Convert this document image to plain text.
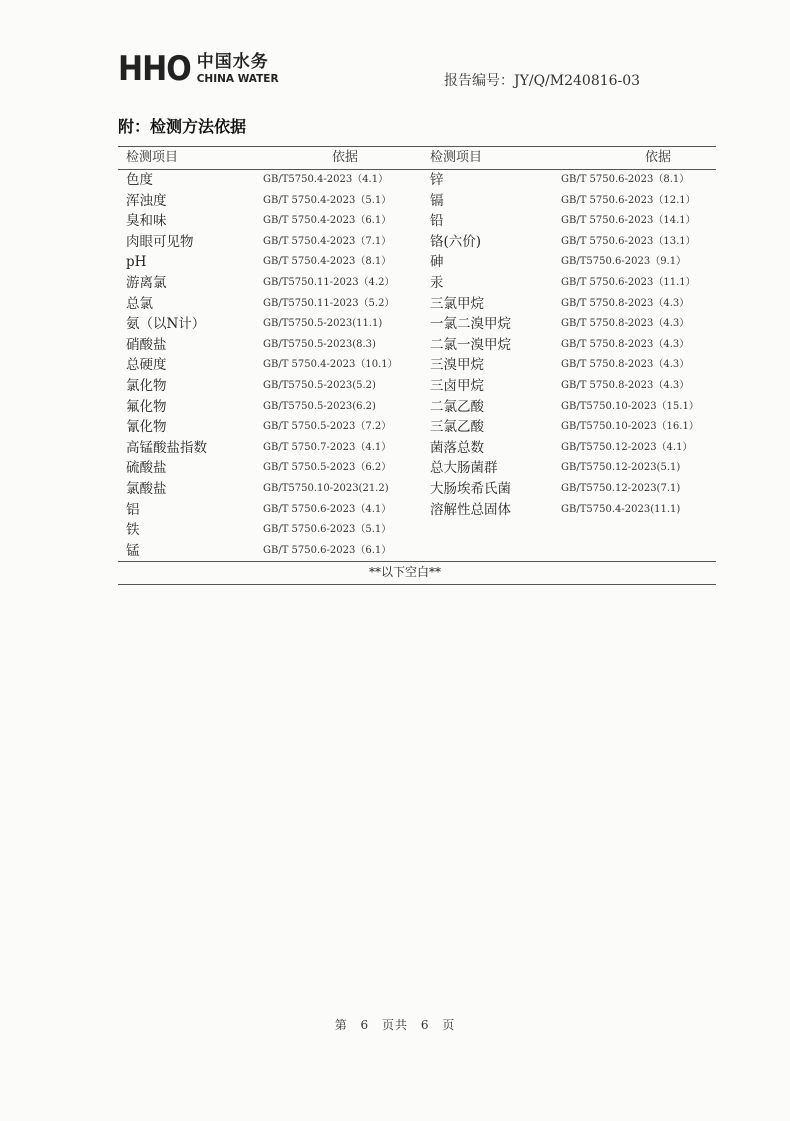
HHO 中国水务
CHINA WATER	报告编号：JY/Q/M240816-03
附：检测方法依据
检测项目	依据	检测项目	依据
色度	GB/T5750.4-2023（4.1）	锌	GB/T 5750.6-2023（8.1）
浑浊度	GB/T 5750.4-2023（5.1）	镉	GB/T 5750.6-2023（12.1）
臭和味	GB/T 5750.4-2023（6.1）	铅	GB/T 5750.6-2023（14.1）
肉眼可见物	GB/T 5750.4-2023（7.1）	铬(六价)	GB/T 5750.6-2023（13.1）
pH	GB/T 5750.4-2023（8.1）	砷	GB/T5750.6-2023（9.1）
游离氯	GB/T5750.11-2023（4.2）	汞	GB/T 5750.6-2023（11.1）
总氯	GB/T5750.11-2023（5.2）	三氯甲烷	GB/T 5750.8-2023（4.3）
氨（以N计）	GB/T5750.5-2023(11.1)	一氯二溴甲烷	GB/T 5750.8-2023（4.3）
硝酸盐	GB/T5750.5-2023(8.3)	二氯一溴甲烷	GB/T 5750.8-2023（4.3）
总硬度	GB/T 5750.4-2023（10.1） 三溴甲烷	GB/T 5750.8-2023（4.3）
氯化物	GB/T5750.5-2023(5.2)	三卤甲烷	GB/T 5750.8-2023（4.3）
氟化物	GB/T5750.5-2023(6.2)	二氯乙酸	GB/T5750.10-2023（15.1）
氰化物	GB/T 5750.5-2023（7.2）	三氯乙酸	GB/T5750.10-2023（16.1）
高锰酸盐指数	GB/T 5750.7-2023（4.1）	菌落总数	GB/T5750.12-2023（4.1）
硫酸盐	GB/T 5750.5-2023（6.2）	总大肠菌群	GB/T5750.12-2023(5.1)
氯酸盐	GB/T5750.10-2023(21.2)	大肠埃希氏菌	GB/T5750.12-2023(7.1)
铝	GB/T 5750.6-2023（4.1）	溶解性总固体	GB/T5750.4-2023(11.1)
铁	GB/T 5750.6-2023（5.1）
锰	GB/T 5750.6-2023（6.1）
**以下空白**
第 6 页共 6 页
